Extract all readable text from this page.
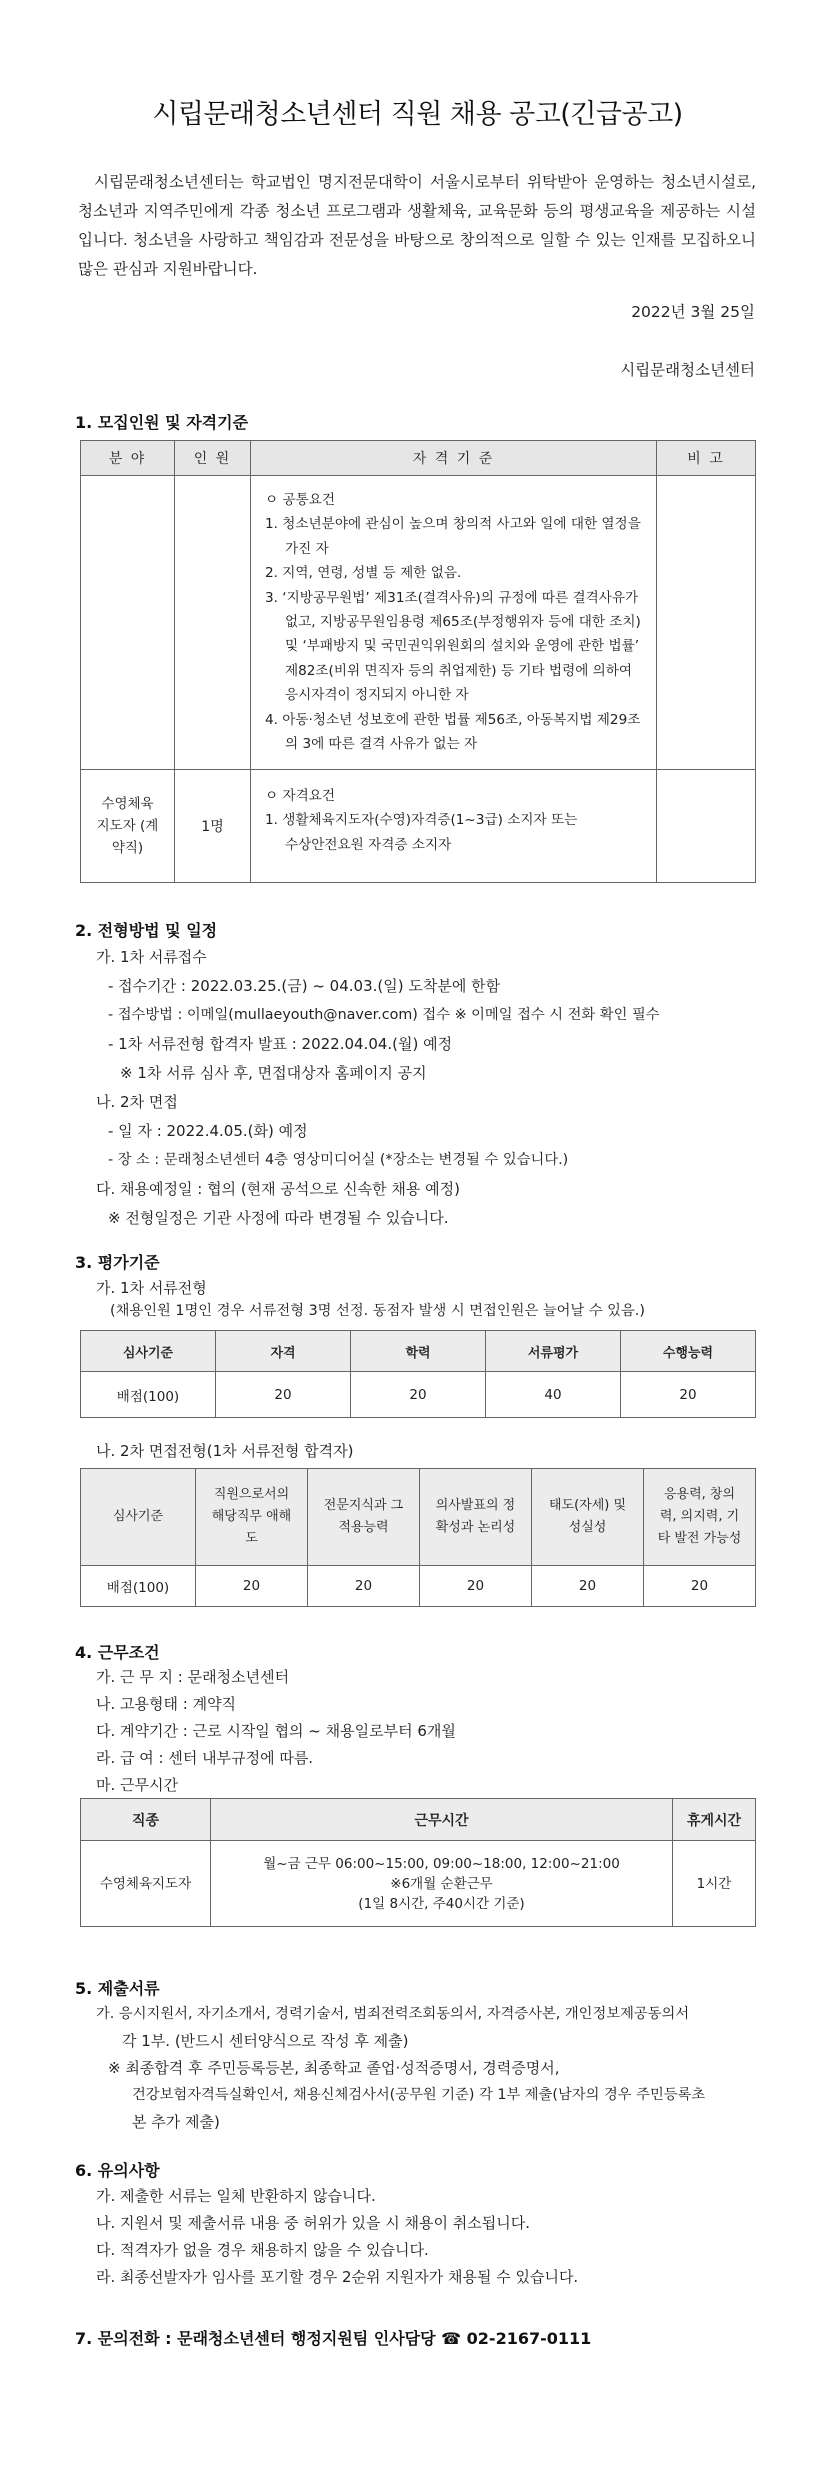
시립문래청소년센터 직원 채용 공고(긴급공고)

시립문래청소년센터는 학교법인 명지전문대학이 서울시로부터 위탁받아 운영하는 청소년시설로, 청소년과 지역주민에게 각종 청소년 프로그램과 생활체육, 교육문화 등의 평생교육을 제공하는 시설입니다. 청소년을 사랑하고 책임감과 전문성을 바탕으로 창의적으로 일할 수 있는 인재를 모집하오니 많은 관심과 지원바랍니다.

2022년 3월 25일
시립문래청소년센터
1. 모집인원 및 자격기준
분 야	인 원	자 격 기 준	비 고

		ㅇ 공통요건
1. 청소년분야에 관심이 높으며 창의적 사고와 일에 대한 열정을 가진 자
2. 지역, 연령, 성별 등 제한 없음.
3. ‘지방공무원법’ 제31조(결격사유)의 규정에 따른 결격사유가 없고, 지방공무원임용령 제65조(부정행위자 등에 대한 조치) 및 ‘부패방지 및 국민권익위원회의 설치와 운영에 관한 법률’ 제82조(비위 면직자 등의 취업제한) 등 기타 법령에 의하여 응시자격이 정지되지 아니한 자
4. 아동·청소년 성보호에 관한 법률 제56조, 아동복지법 제29조의 3에 따른 결격 사유가 없는 자	

수영체육 지도자 (계약직)	1명	ㅇ 자격요건
1. 생활체육지도자(수영)자격증(1~3급) 소지자 또는
수상안전요원 자격증 소지자	

2. 전형방법 및 일정
가. 1차 서류접수
- 접수기간 : 2022.03.25.(금) ~ 04.03.(일) 도착분에 한함
- 접수방법 : 이메일(mullaeyouth@naver.com) 접수 ※ 이메일 접수 시 전화 확인 필수
- 1차 서류전형 합격자 발표 : 2022.04.04.(월) 예정
※ 1차 서류 심사 후, 면접대상자 홈페이지 공지
나. 2차 면접
- 일 자 : 2022.4.05.(화) 예정
- 장 소 : 문래청소년센터 4층 영상미디어실 (*장소는 변경될 수 있습니다.)
다. 채용예정일 : 협의 (현재 공석으로 신속한 채용 예정)
※ 전형일정은 기관 사정에 따라 변경될 수 있습니다.
3. 평가기준
가. 1차 서류전형
(채용인원 1명인 경우 서류전형 3명 선정. 동점자 발생 시 면접인원은 늘어날 수 있음.)
심사기준	자격	학력	서류평가	수행능력
배점(100)	20	20	40	20
나. 2차 면접전형(1차 서류전형 합격자)
심사기준	직원으로서의 해당직무 애해도	전문지식과 그 적용능력	의사발표의 정확성과 논리성	태도(자세) 및 성실성	응용력, 창의력, 의지력, 기타 발전 가능성
배점(100)	20	20	20	20	20
4. 근무조건
가. 근 무 지 : 문래청소년센터
나. 고용형태 : 계약직
다. 계약기간 : 근로 시작일 협의 ~ 채용일로부터 6개월
라. 급 여 : 센터 내부규정에 따름.
마. 근무시간
직종	근무시간	휴게시간
수영체육지도자	월~금 근무 06:00~15:00, 09:00~18:00, 12:00~21:00
※6개월 순환근무
(1일 8시간, 주40시간 기준)	1시간
5. 제출서류
가. 응시지원서, 자기소개서, 경력기술서, 범죄전력조회동의서, 자격증사본, 개인정보제공동의서
각 1부. (반드시 센터양식으로 작성 후 제출)
※ 최종합격 후 주민등록등본, 최종학교 졸업·성적증명서, 경력증명서,
건강보험자격득실확인서, 채용신체검사서(공무원 기준) 각 1부 제출(남자의 경우 주민등록초
본 추가 제출)
6. 유의사항
가. 제출한 서류는 일체 반환하지 않습니다.
나. 지원서 및 제출서류 내용 중 허위가 있을 시 채용이 취소됩니다.
다. 적격자가 없을 경우 채용하지 않을 수 있습니다.
라. 최종선발자가 임사를 포기할 경우 2순위 지원자가 채용될 수 있습니다.
7. 문의전화 : 문래청소년센터 행정지원팀 인사담당 ☎ 02-2167-0111
